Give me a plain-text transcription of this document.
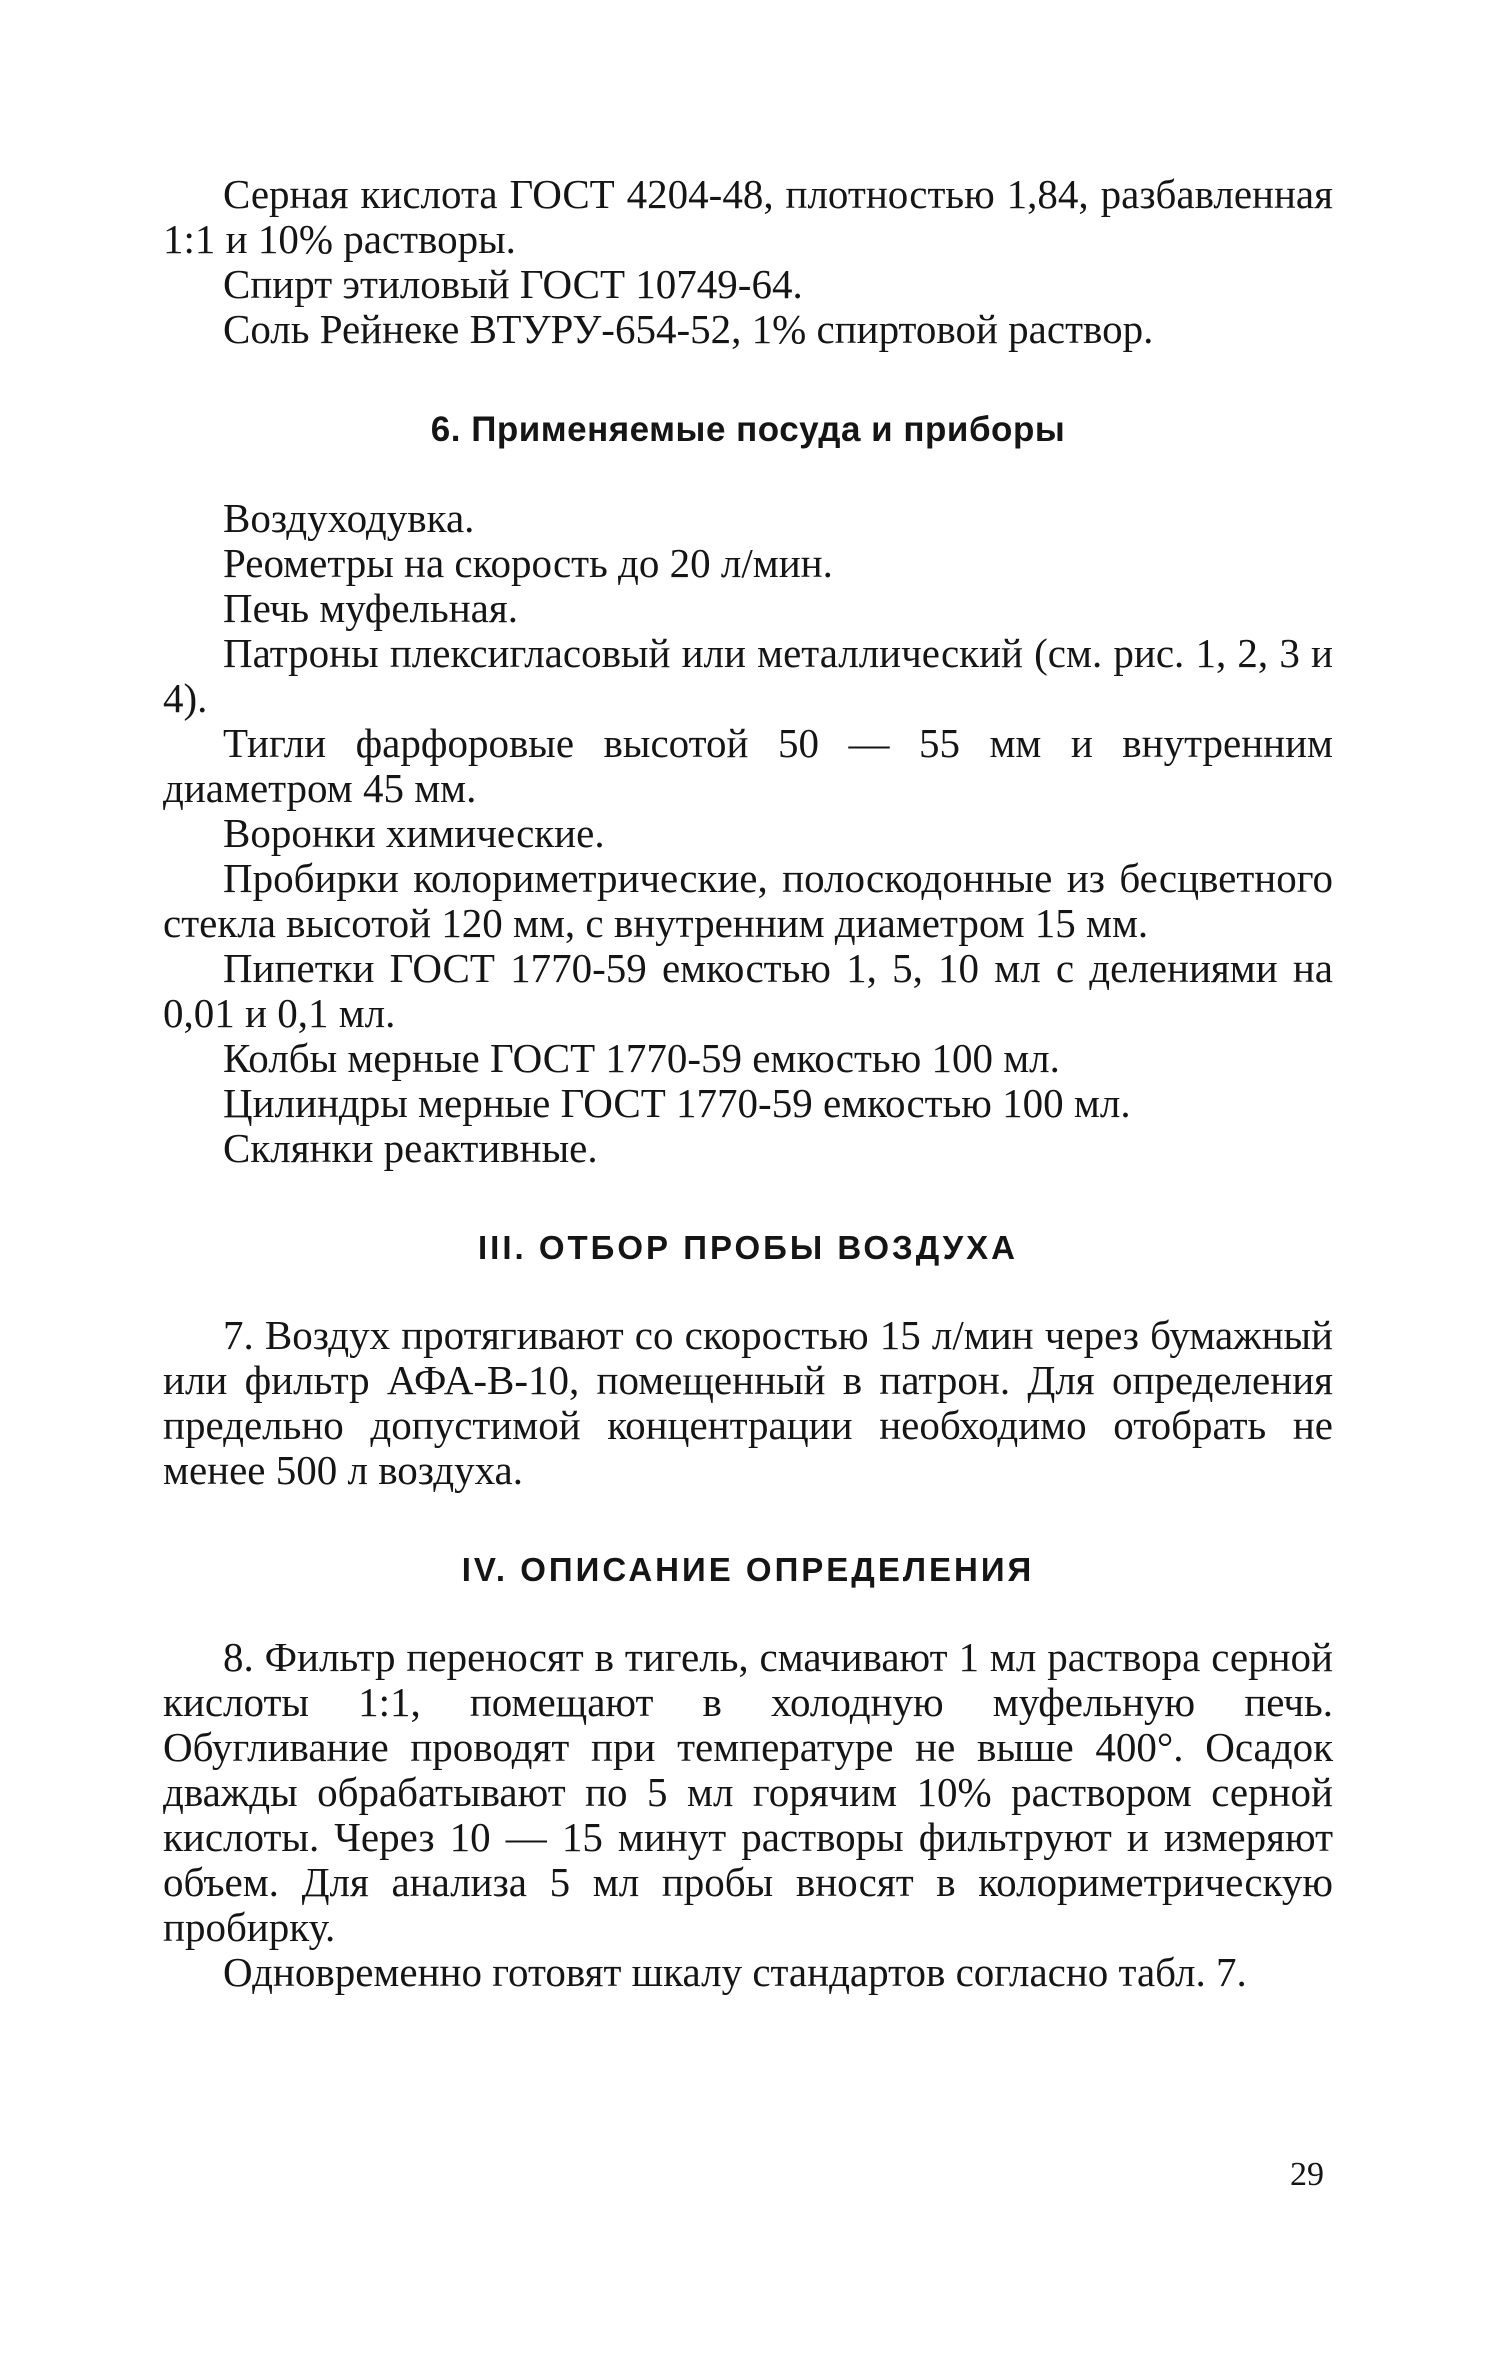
Серная кислота ГОСТ 4204-48, плотностью 1,84, разбавленная 1:1 и 10% растворы.

Спирт этиловый ГОСТ 10749-64.

Соль Рейнеке ВТУРУ-654-52, 1% спиртовой раствор.

6. Применяемые посуда и приборы

Воздуходувка.

Реометры на скорость до 20 л/мин.

Печь муфельная.

Патроны плексигласовый или металлический (см. рис. 1, 2, 3 и 4).

Тигли фарфоровые высотой 50 — 55 мм и внутренним диаметром 45 мм.

Воронки химические.

Пробирки колориметрические, полоскодонные из бесцветного стекла высотой 120 мм, с внутренним диаметром 15 мм.

Пипетки ГОСТ 1770-59 емкостью 1, 5, 10 мл с делениями на 0,01 и 0,1 мл.

Колбы мерные ГОСТ 1770-59 емкостью 100 мл.

Цилиндры мерные ГОСТ 1770-59 емкостью 100 мл.

Склянки реактивные.

III. ОТБОР ПРОБЫ ВОЗДУХА

7. Воздух протягивают со скоростью 15 л/мин через бумажный или фильтр АФА-В-10, помещенный в патрон. Для определения предельно допустимой концентрации необходимо отобрать не менее 500 л воздуха.

IV. ОПИСАНИЕ ОПРЕДЕЛЕНИЯ

8. Фильтр переносят в тигель, смачивают 1 мл раствора серной кислоты 1:1, помещают в холодную муфельную печь. Обугливание проводят при температуре не выше 400°. Осадок дважды обрабатывают по 5 мл горячим 10% раствором серной кислоты. Через 10 — 15 минут растворы фильтруют и измеряют объем. Для анализа 5 мл пробы вносят в колориметрическую пробирку.

Одновременно готовят шкалу стандартов согласно табл. 7.

29
